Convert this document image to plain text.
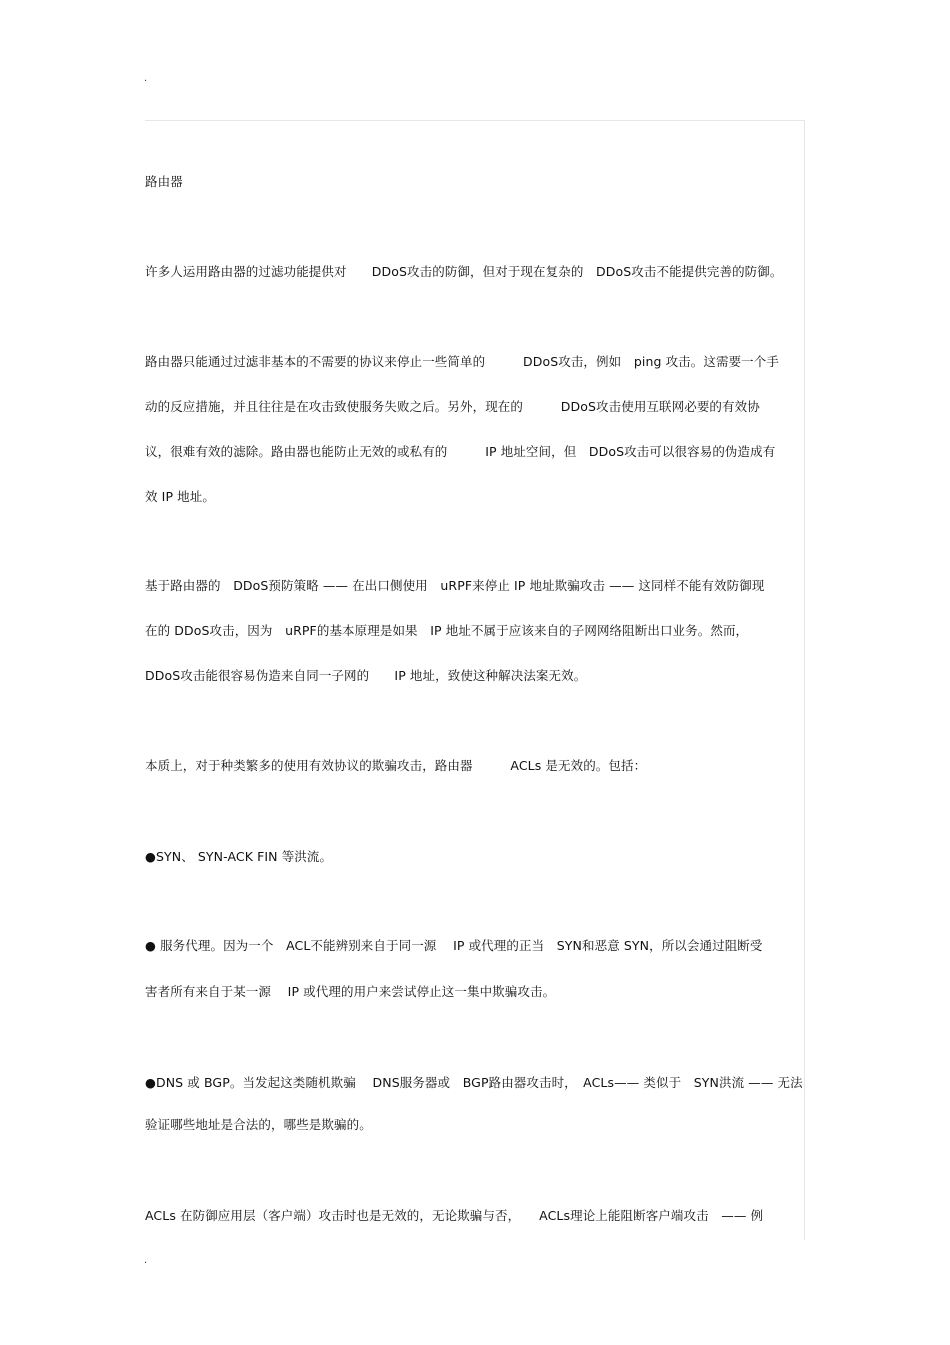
.
路由器
许多人运用路由器的过滤功能提供对　　DDoS攻击的防御，但对于现在复杂的　DDoS攻击不能提供完善的防御。
路由器只能通过过滤非基本的不需要的协议来停止一些简单的　　　DDoS攻击，例如　ping 攻击。这需要一个手
动的反应措施，并且往往是在攻击致使服务失败之后。另外，现在的　　　DDoS攻击使用互联网必要的有效协
议，很难有效的滤除。路由器也能防止无效的或私有的　　　IP 地址空间，但　DDoS攻击可以很容易的伪造成有
效 IP 地址。
基于路由器的　DDoS预防策略 —— 在出口侧使用　uRPF来停止 IP 地址欺骗攻击 —— 这同样不能有效防御现
在的 DDoS攻击，因为　uRPF的基本原理是如果　IP 地址不属于应该来自的子网网络阻断出口业务。然而，
DDoS攻击能很容易伪造来自同一子网的　　IP 地址，致使这种解决法案无效。
本质上，对于种类繁多的使用有效协议的欺骗攻击，路由器　　　ACLs 是无效的。包括：
●SYN、 SYN-ACK FIN 等洪流。
● 服务代理。因为一个　ACL不能辨别来自于同一源　 IP 或代理的正当　SYN和恶意 SYN，所以会通过阻断受
害者所有来自于某一源　 IP 或代理的用户来尝试停止这一集中欺骗攻击。
●DNS 或 BGP。当发起这类随机欺骗　 DNS服务器或　BGP路由器攻击时，　ACLs—— 类似于　SYN洪流 —— 无法
验证哪些地址是合法的，哪些是欺骗的。
ACLs 在防御应用层（客户端）攻击时也是无效的，无论欺骗与否，　　ACLs理论上能阻断客户端攻击　—— 例
.
